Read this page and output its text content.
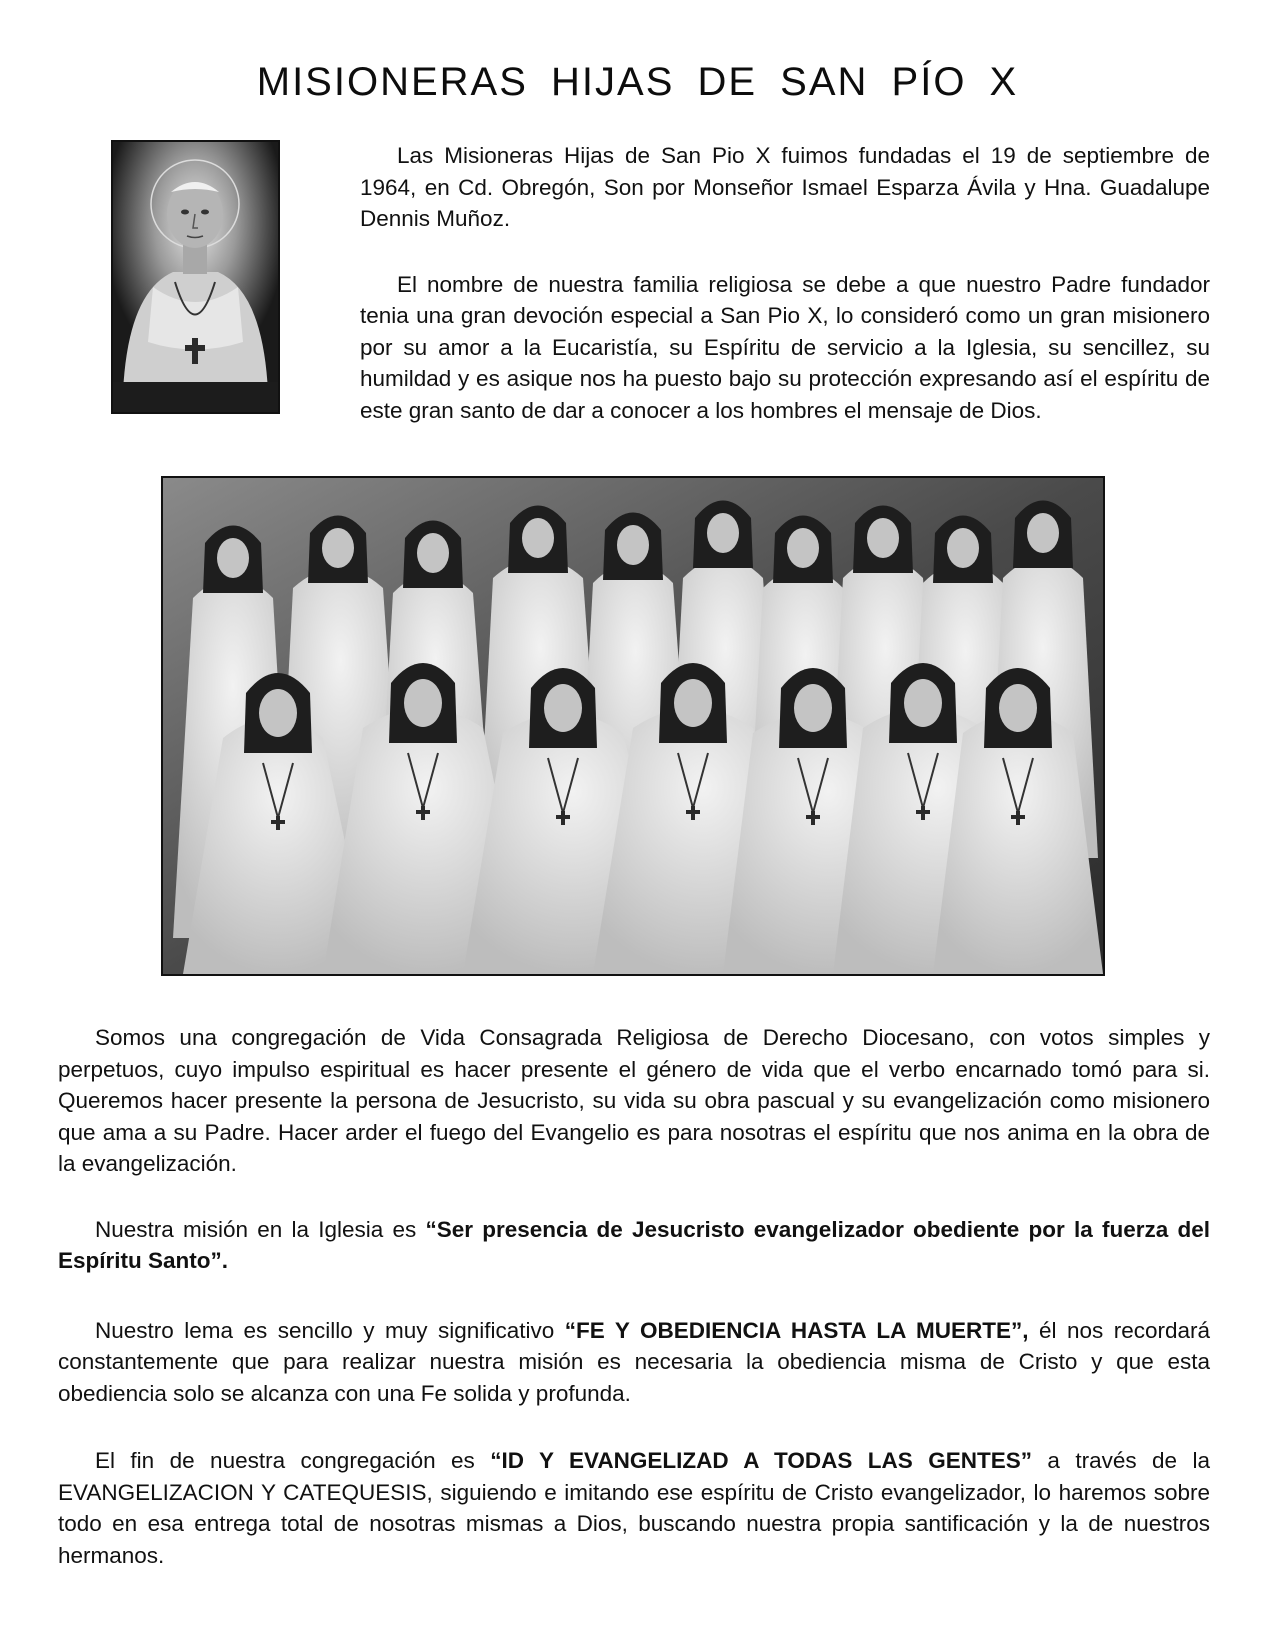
MISIONERAS HIJAS DE SAN PÍO X

Las Misioneras Hijas de San Pio X fuimos fundadas el 19 de septiembre de 1964, en Cd. Obregón, Son por Monseñor Ismael Esparza Ávila y Hna. Guadalupe Dennis Muñoz.

El nombre de nuestra familia religiosa se debe a que nuestro Padre fundador tenia una gran devoción especial a San Pio X, lo consideró como un gran misionero por su amor a la Eucaristía, su Espíritu de servicio a la Iglesia, su sencillez, su humildad y es asique nos ha puesto bajo su protección expresando así el espíritu de este gran santo de dar a conocer a los hombres el mensaje de Dios.

Somos una congregación de Vida Consagrada Religiosa de Derecho Diocesano, con votos simples y perpetuos, cuyo impulso espiritual es hacer presente el género de vida que el verbo encarnado tomó para si. Queremos hacer presente la persona de Jesucristo, su vida su obra pascual y su evangelización como misionero que ama a su Padre. Hacer arder el fuego del Evangelio es para nosotras el espíritu que nos anima en la obra de la evangelización.

Nuestra misión en la Iglesia es “Ser presencia de Jesucristo evangelizador obediente por la fuerza del Espíritu Santo”.

Nuestro lema es sencillo y muy significativo “FE Y OBEDIENCIA HASTA LA MUERTE”, él nos recordará constantemente que para realizar nuestra misión es necesaria la obediencia misma de Cristo y que esta obediencia solo se alcanza con una Fe solida y profunda.

El fin de nuestra congregación es “ID Y EVANGELIZAD A TODAS LAS GENTES” a través de la EVANGELIZACION Y CATEQUESIS, siguiendo e imitando ese espíritu de Cristo evangelizador, lo haremos sobre todo en esa entrega total de nosotras mismas a Dios, buscando nuestra propia santificación y la de nuestros hermanos.
